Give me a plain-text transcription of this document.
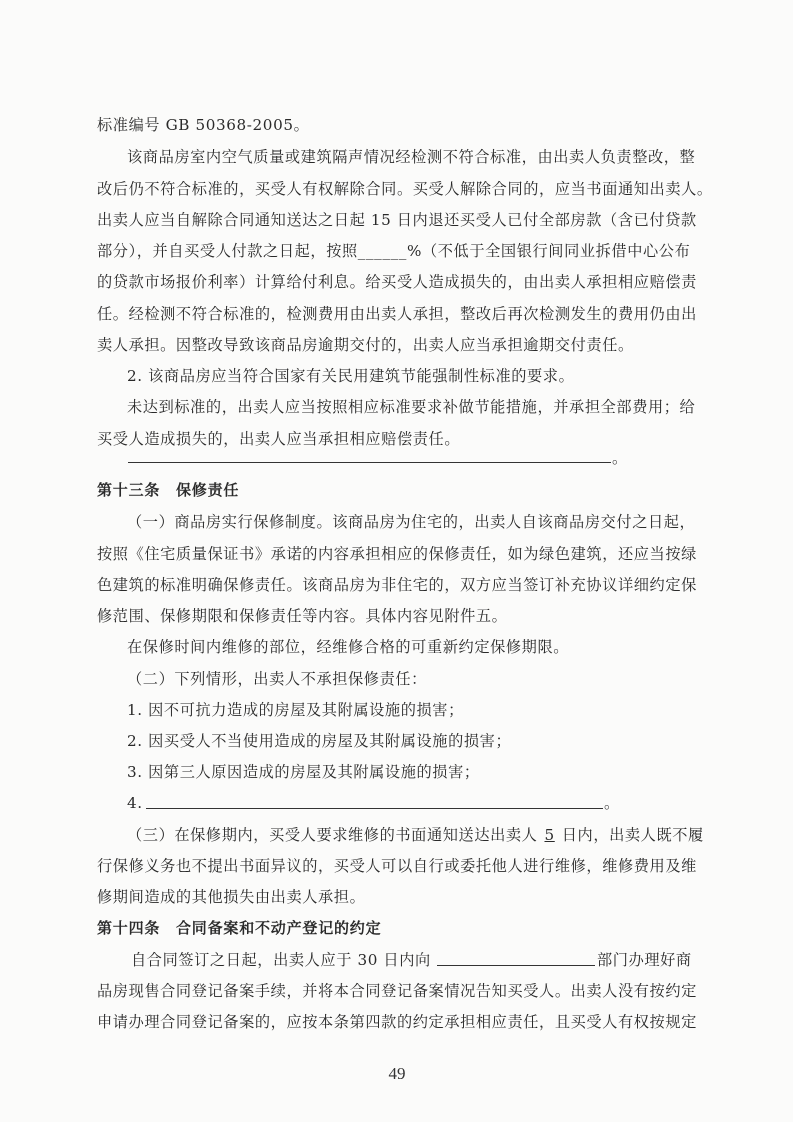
标准编号 GB 50368-2005。
该商品房室内空气质量或建筑隔声情况经检测不符合标准，由出卖人负责整改，整
改后仍不符合标准的，买受人有权解除合同。买受人解除合同的，应当书面通知出卖人。
出卖人应当自解除合同通知送达之日起 15 日内退还买受人已付全部房款（含已付贷款
部分），并自买受人付款之日起，按照______%（不低于全国银行间同业拆借中心公布
的贷款市场报价利率）计算给付利息。给买受人造成损失的，由出卖人承担相应赔偿责
任。经检测不符合标准的，检测费用由出卖人承担，整改后再次检测发生的费用仍由出
卖人承担。因整改导致该商品房逾期交付的，出卖人应当承担逾期交付责任。
2. 该商品房应当符合国家有关民用建筑节能强制性标准的要求。
未达到标准的，出卖人应当按照相应标准要求补做节能措施，并承担全部费用；给
买受人造成损失的，出卖人应当承担相应赔偿责任。
。
第十三条　保修责任
（一）商品房实行保修制度。该商品房为住宅的，出卖人自该商品房交付之日起，
按照《住宅质量保证书》承诺的内容承担相应的保修责任，如为绿色建筑，还应当按绿
色建筑的标准明确保修责任。该商品房为非住宅的，双方应当签订补充协议详细约定保
修范围、保修期限和保修责任等内容。具体内容见附件五。
在保修时间内维修的部位，经维修合格的可重新约定保修期限。
（二）下列情形，出卖人不承担保修责任：
1. 因不可抗力造成的房屋及其附属设施的损害；
2. 因买受人不当使用造成的房屋及其附属设施的损害；
3. 因第三人原因造成的房屋及其附属设施的损害；
4.	。
（三）在保修期内，买受人要求维修的书面通知送达出卖人 5 日内，出卖人既不履
行保修义务也不提出书面异议的，买受人可以自行或委托他人进行维修，维修费用及维
修期间造成的其他损失由出卖人承担。
第十四条　合同备案和不动产登记的约定
自合同签订之日起，出卖人应于 30 日内向	部门办理好商
品房现售合同登记备案手续，并将本合同登记备案情况告知买受人。出卖人没有按约定
申请办理合同登记备案的，应按本条第四款的约定承担相应责任，且买受人有权按规定
49
